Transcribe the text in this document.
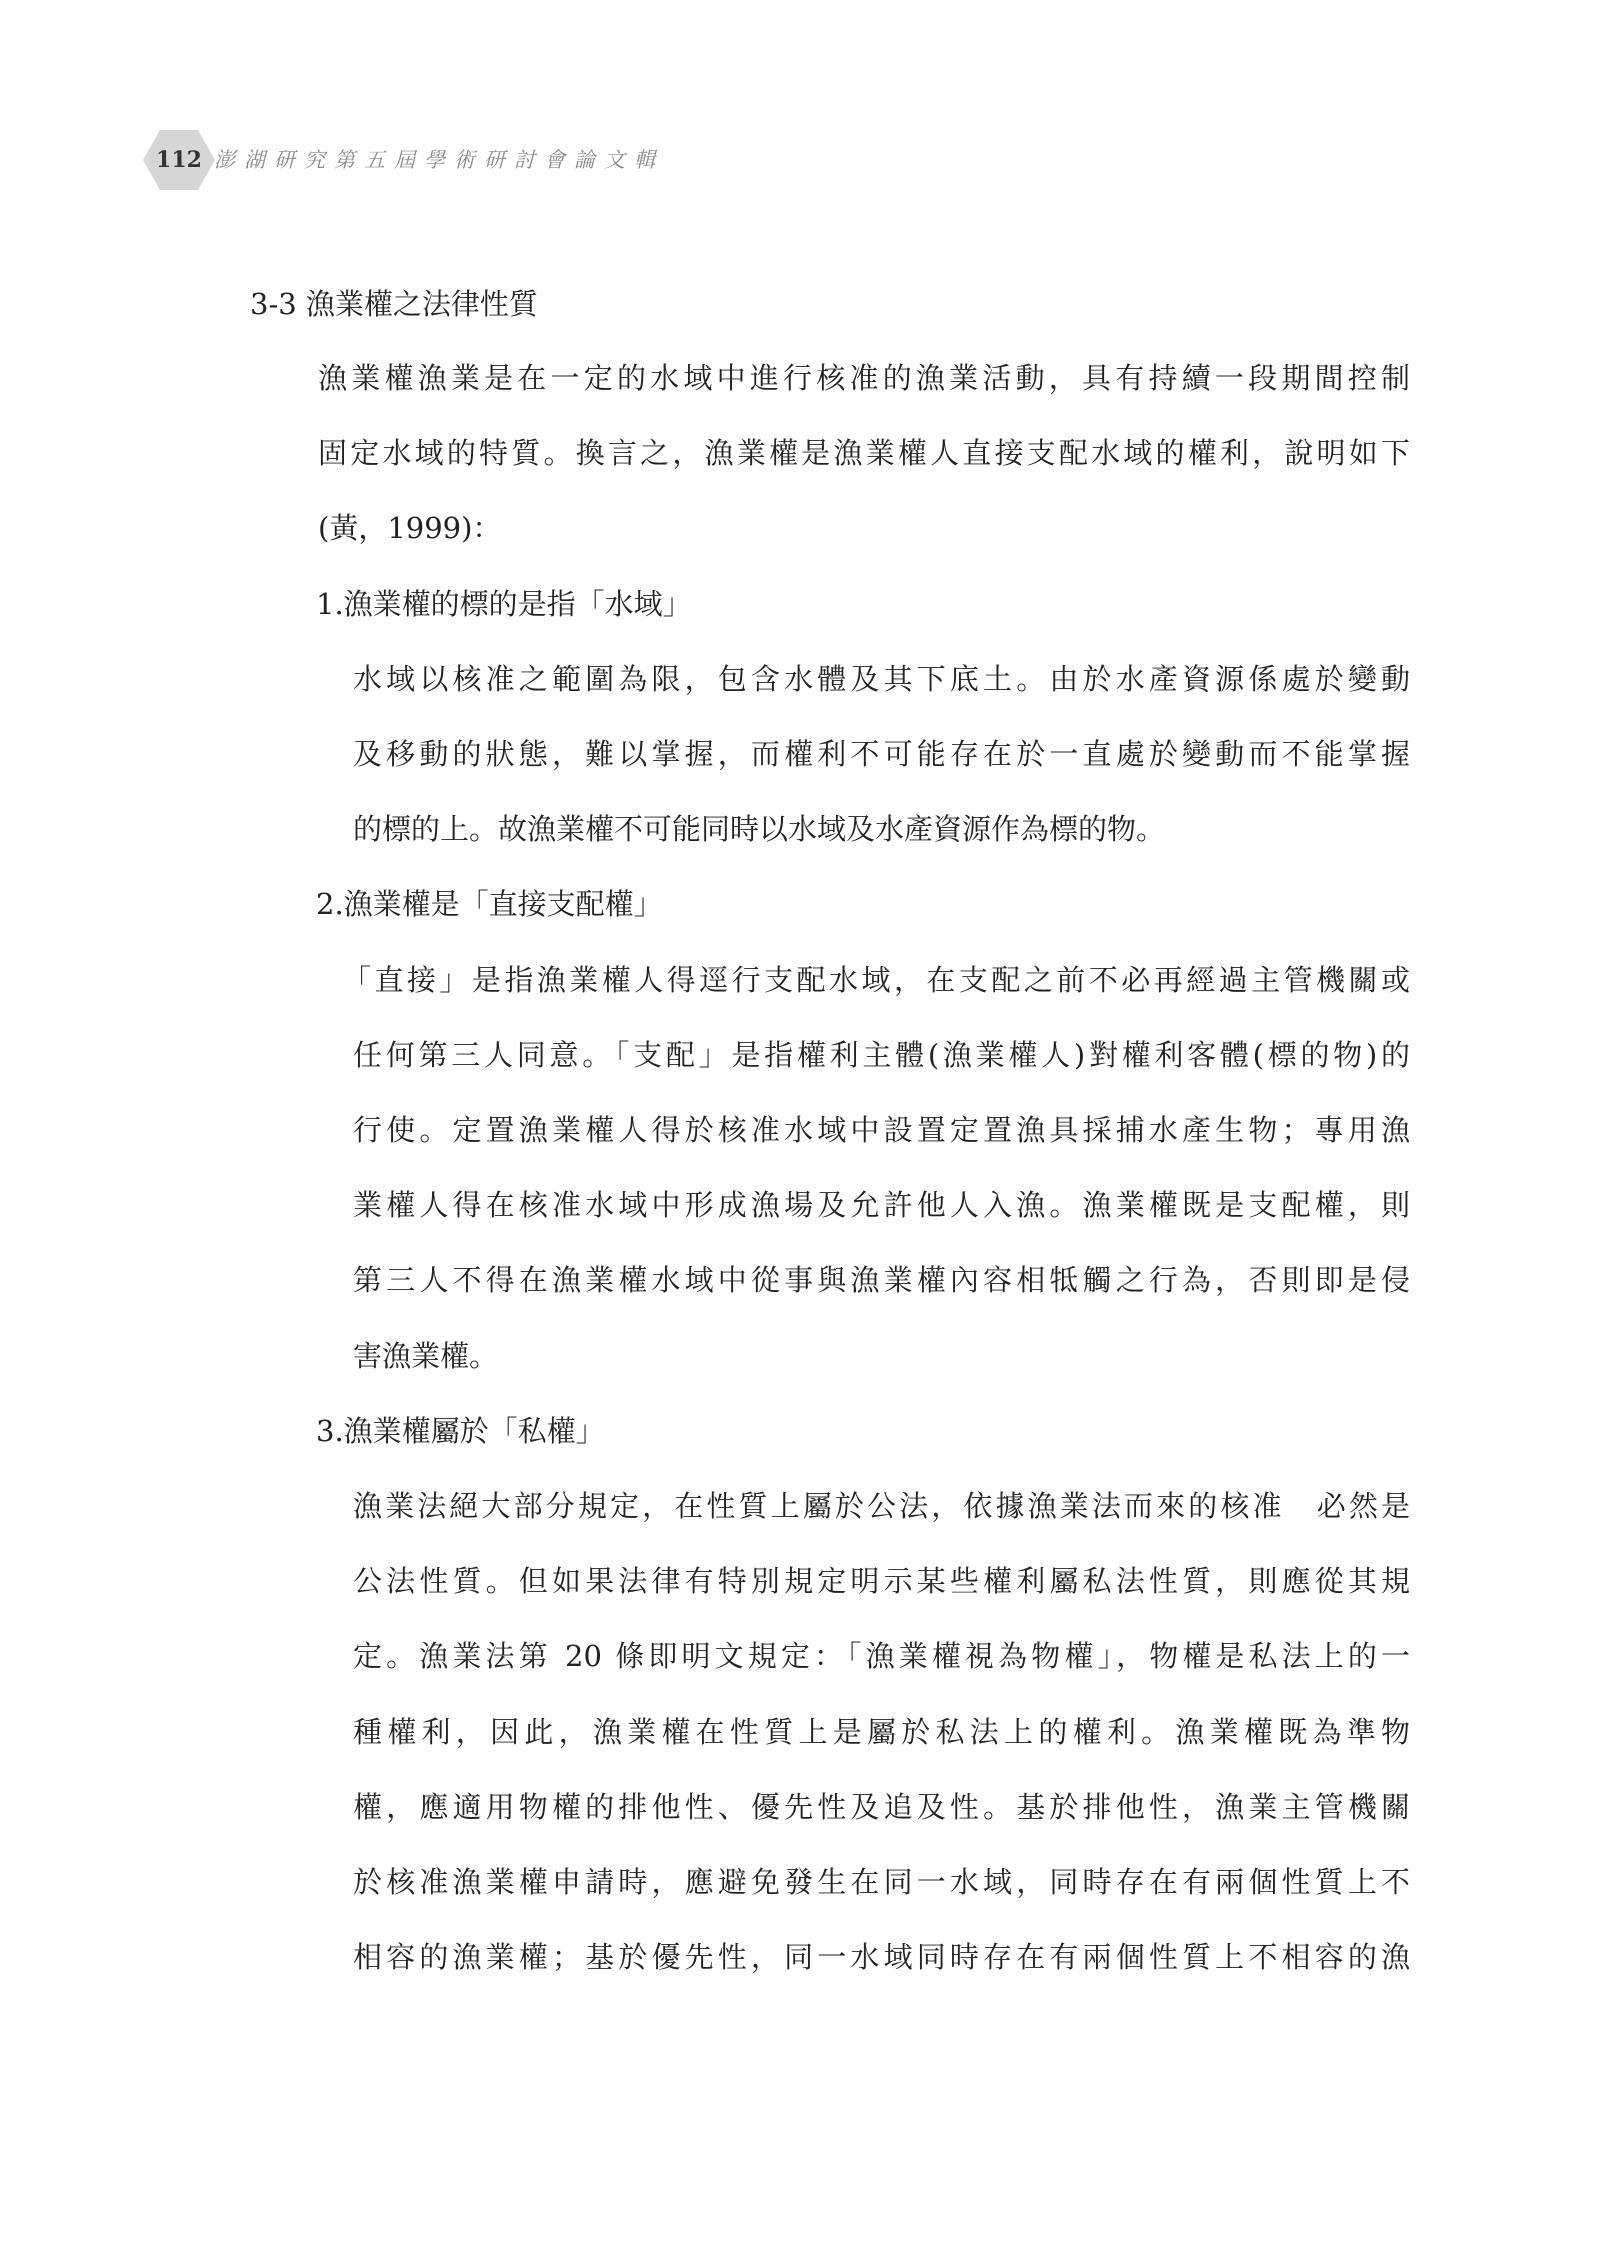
112 澎湖研究第五屆學術研討會論文輯
3-3 漁業權之法律性質

漁業權漁業是在一定的水域中進行核准的漁業活動，具有持續一段期間控制
固定水域的特質。換言之，漁業權是漁業權人直接支配水域的權利，說明如下
(黃，1999)：

1.漁業權的標的是指「水域」

水域以核准之範圍為限，包含水體及其下底土。由於水產資源係處於變動
及移動的狀態，難以掌握，而權利不可能存在於一直處於變動而不能掌握
的標的上。故漁業權不可能同時以水域及水產資源作為標的物。

2.漁業權是「直接支配權」

「直接」是指漁業權人得逕行支配水域，在支配之前不必再經過主管機關或
任何第三人同意。「支配」是指權利主體(漁業權人)對權利客體(標的物)的
行使。定置漁業權人得於核准水域中設置定置漁具採捕水產生物；專用漁
業權人得在核准水域中形成漁場及允許他人入漁。漁業權既是支配權，則
第三人不得在漁業權水域中從事與漁業權內容相牴觸之行為，否則即是侵
害漁業權。

3.漁業權屬於「私權」

漁業法絕大部分規定，在性質上屬於公法，依據漁業法而來的核准　必然是
公法性質。但如果法律有特別規定明示某些權利屬私法性質，則應從其規
定。漁業法第 20 條即明文規定：「漁業權視為物權」，物權是私法上的一
種權利，因此，漁業權在性質上是屬於私法上的權利。漁業權既為準物
權，應適用物權的排他性、優先性及追及性。基於排他性，漁業主管機關
於核准漁業權申請時，應避免發生在同一水域，同時存在有兩個性質上不
相容的漁業權；基於優先性，同一水域同時存在有兩個性質上不相容的漁
